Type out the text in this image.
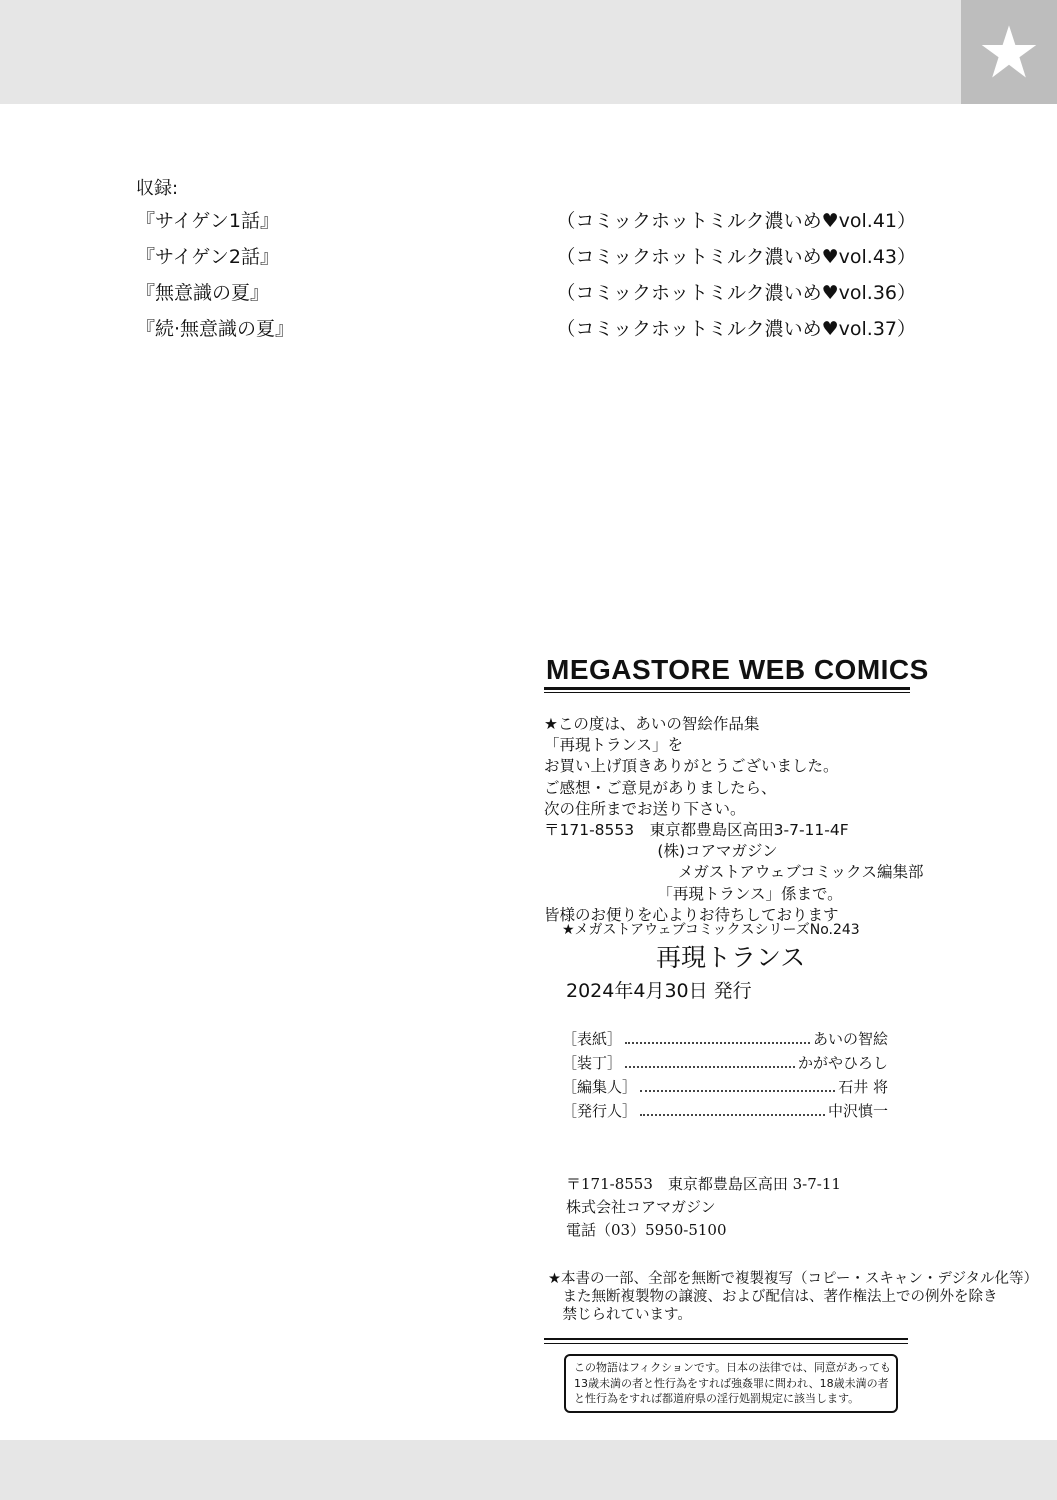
収録:
『サイゲン1話』	（コミックホットミルク濃いめ♥vol.41）
『サイゲン2話』	（コミックホットミルク濃いめ♥vol.43）
『無意識の夏』	（コミックホットミルク濃いめ♥vol.36）
『続·無意識の夏』	（コミックホットミルク濃いめ♥vol.37）
MEGASTORE WEB COMICS
★この度は、あいの智絵作品集
「再現トランス」を
お買い上げ頂きありがとうございました。
ご感想・ご意見がありましたら、
次の住所までお送り下さい。
〒171-8553　東京都豊島区高田3-7-11-4F
　　　　　　　 (株)コアマガジン
　　　　　　　　  メガストアウェブコミックス編集部
　　　　　　　 「再現トランス」係まで。
皆様のお便りを心よりお待ちしております
★メガストアウェブコミックスシリーズNo.243
再現トランス
2024年4月30日 発行
［表紙］	あいの智絵
［装丁］	かがやひろし
［編集人］	石井 将
［発行人］	中沢慎一
〒171-8553　東京都豊島区高田 3-7-11
株式会社コアマガジン
電話（03）5950-5100
★本書の一部、全部を無断で複製複写（コピー・スキャン・デジタル化等）
　また無断複製物の譲渡、および配信は、著作権法上での例外を除き
　禁じられています。
この物語はフィクションです。日本の法律では、同意があっても
13歳未満の者と性行為をすれば強姦罪に問われ、18歳未満の者
と性行為をすれば都道府県の淫行処罰規定に該当します。
